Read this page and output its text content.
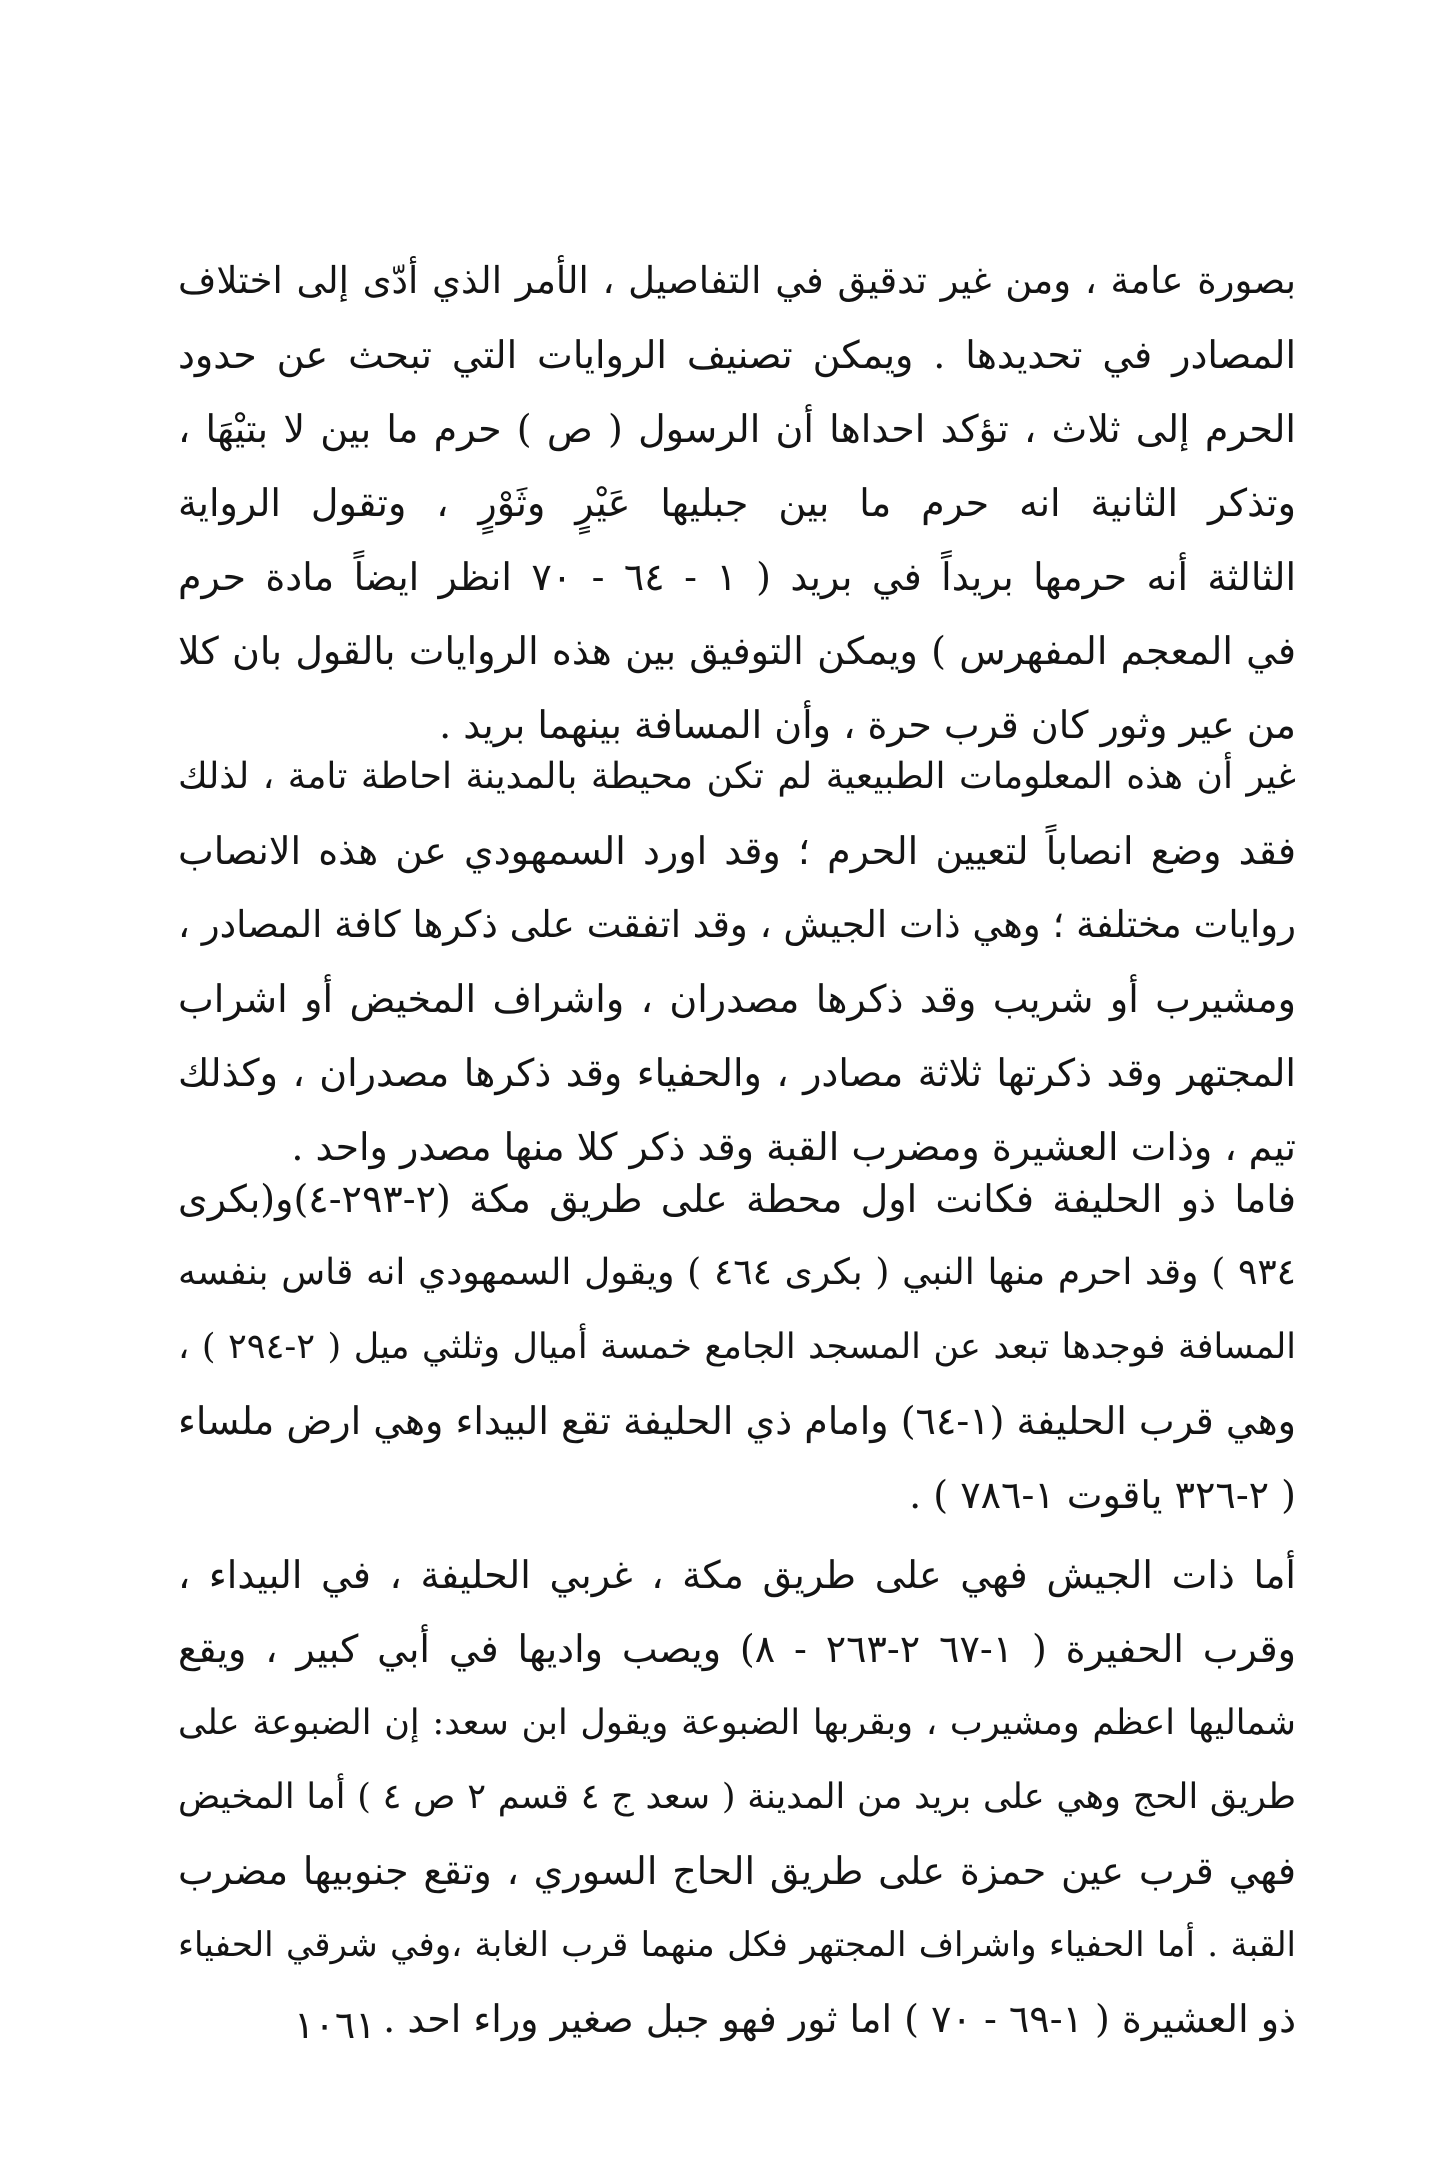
بصورة عامة ، ومن غير تدقيق في التفاصيل ، الأمر الذي أدّى إلى اختلاف
المصادر في تحديدها . ويمكن تصنيف الروايات التي تبحث عن حدود
الحرم إلى ثلاث ، تؤكد احداها أن الرسول ( ص ) حرم ما بين لا بتيْهَا ،
وتذكر الثانية انه حرم ما بين جبليها عَيْرٍ وثَوْرٍ ، وتقول الرواية
الثالثة أنه حرمها بريداً في بريد ( ١ - ٦٤ - ٧٠ انظر ايضاً مادة حرم
في المعجم المفهرس ) ويمكن التوفيق بين هذه الروايات بالقول بان كلا
من عير وثور كان قرب حرة ، وأن المسافة بينهما بريد .
غير أن هذه المعلومات الطبيعية لم تكن محيطة بالمدينة احاطة تامة ، لذلك
فقد وضع انصاباً لتعيين الحرم ؛ وقد اورد السمهودي عن هذه الانصاب
روايات مختلفة ؛ وهي ذات الجيش ، وقد اتفقت على ذكرها كافة المصادر ،
ومشيرب أو شريب وقد ذكرها مصدران ، واشراف المخيض أو اشراب
المجتهر وقد ذكرتها ثلاثة مصادر ، والحفياء وقد ذكرها مصدران ، وكذلك
تيم ، وذات العشيرة ومضرب القبة وقد ذكر كلا منها مصدر واحد .
فاما ذو الحليفة فكانت اول محطة على طريق مكة (٢-٢٩٣-٤)و(بكرى
٩٣٤ ) وقد احرم منها النبي ( بكرى ٤٦٤ ) ويقول السمهودي انه قاس بنفسه
المسافة فوجدها تبعد عن المسجد الجامع خمسة أميال وثلثي ميل ( ٢-٢٩٤ ) ،
وهي قرب الحليفة (١-٦٤) وامام ذي الحليفة تقع البيداء وهي ارض ملساء
( ٢-٣٢٦ ياقوت ١-٧٨٦ ) .
أما ذات الجيش فهي على طريق مكة ، غربي الحليفة ، في البيداء ،
وقرب الحفيرة ( ١-٦٧ ٢-٢٦٣ - ٨) ويصب واديها في أبي كبير ، ويقع
شماليها اعظم ومشيرب ، وبقربها الضبوعة ويقول ابن سعد: إن الضبوعة على
طريق الحج وهي على بريد من المدينة ( سعد ج ٤ قسم ٢ ص ٤ ) أما المخيض
فهي قرب عين حمزة على طريق الحاج السوري ، وتقع جنوبيها مضرب
القبة . أما الحفياء واشراف المجتهر فكل منهما قرب الغابة ،وفي شرقي الحفياء
ذو العشيرة ( ١-٦٩ - ٧٠ ) اما ثور فهو جبل صغير وراء احد .
١٠٦١
